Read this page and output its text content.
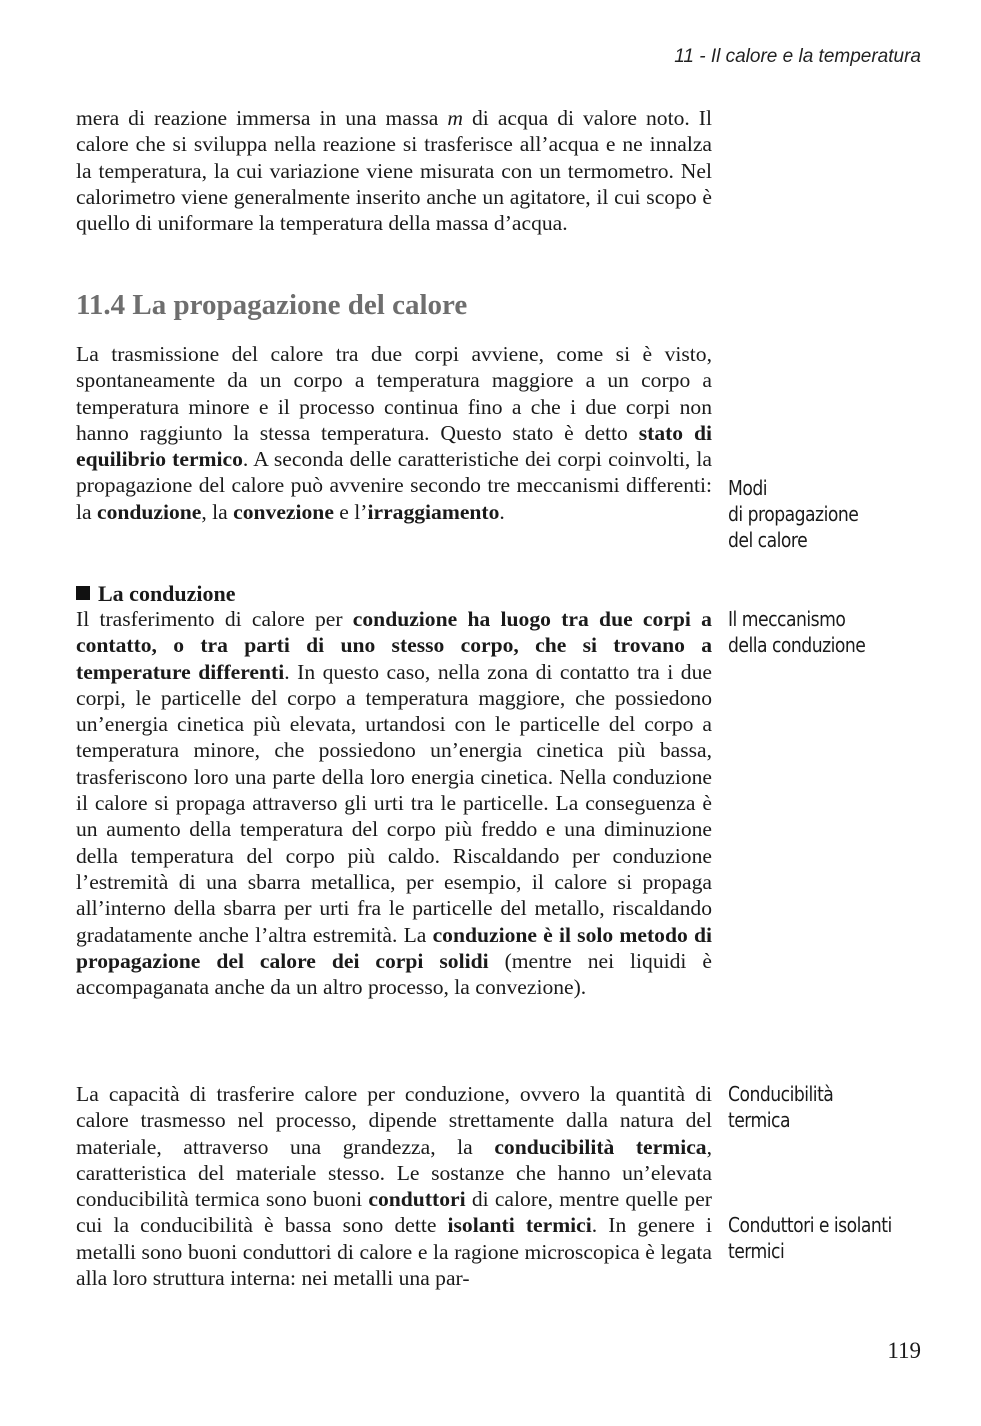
11 - Il calore e la temperatura

mera di reazione immersa in una massa m di acqua di valore noto. Il calore che si sviluppa nella reazione si trasferisce all’acqua e ne innalza la temperatura, la cui variazione viene misurata con un termometro. Nel calorimetro viene generalmente inserito anche un agitatore, il cui scopo è quello di uniformare la temperatura della massa d’acqua.

11.4 La propagazione del calore

La trasmissione del calore tra due corpi avviene, come si è visto, spontaneamente da un corpo a temperatura maggiore a un corpo a temperatura minore e il processo continua fino a che i due corpi non hanno raggiunto la stessa temperatura. Questo stato è detto stato di equilibrio termico. A seconda delle caratteristiche dei corpi coinvolti, la propagazione del calore può avvenire secondo tre meccanismi differenti: la conduzione, la convezione e l’irraggiamento.

La conduzione

Il trasferimento di calore per conduzione ha luogo tra due corpi a contatto, o tra parti di uno stesso corpo, che si trovano a temperature differenti. In questo caso, nella zona di contatto tra i due corpi, le particelle del corpo a temperatura maggiore, che possiedono un’energia cinetica più elevata, urtandosi con le particelle del corpo a temperatura minore, che possiedono un’energia cinetica più bassa, trasferiscono loro una parte della loro energia cinetica. Nella conduzione il calore si propaga attraverso gli urti tra le particelle. La conseguenza è un aumento della temperatura del corpo più freddo e una diminuzione della temperatura del corpo più caldo. Riscaldando per conduzione l’estremità di una sbarra metallica, per esempio, il calore si propaga all’interno della sbarra per urti fra le particelle del metallo, riscaldando gradatamente anche l’altra estremità. La conduzione è il solo metodo di propagazione del calore dei corpi solidi (mentre nei liquidi è accompaganata anche da un altro processo, la convezione).

La capacità di trasferire calore per conduzione, ovvero la quantità di calore trasmesso nel processo, dipende strettamente dalla natura del materiale, attraverso una grandezza, la conducibilità termica, caratteristica del materiale stesso. Le sostanze che hanno un’elevata conducibilità termica sono buoni conduttori di calore, mentre quelle per cui la conducibilità è bassa sono dette isolanti termici. In genere i metalli sono buoni conduttori di calore e la ragione microscopica è legata alla loro struttura interna: nei metalli una par-

Modi
di propagazione
del calore
Il meccanismo
della conduzione
Conducibilità
termica
Conduttori e isolanti
termici
119
